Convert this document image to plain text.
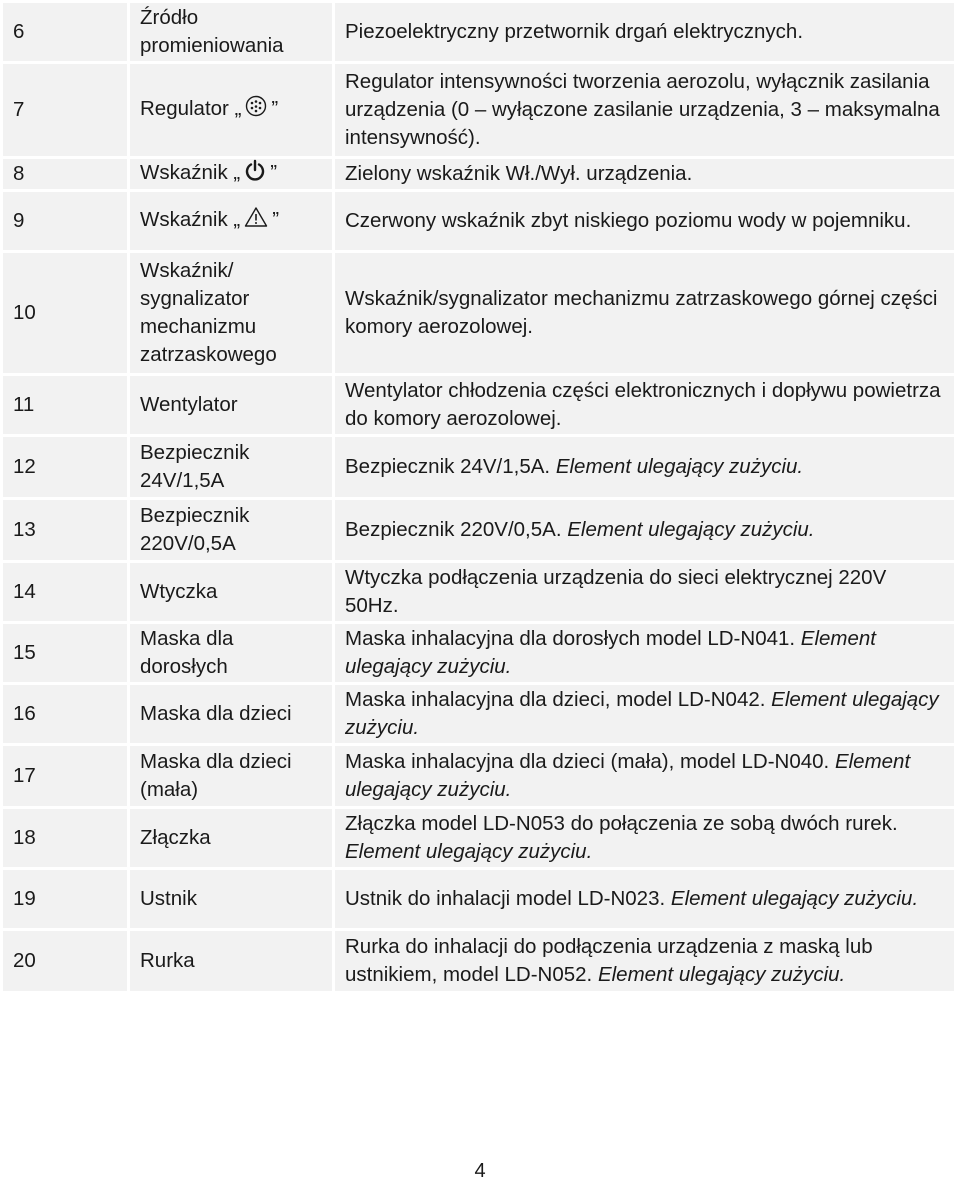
6	Źródło promieniowania	Piezoelektryczny przetwornik drgań elektrycznych.
7	Regulator „ ”	Regulator intensywności tworzenia aerozolu, wyłącznik zasilania urządzenia (0 – wyłączone zasilanie urządzenia, 3 – maksymalna intensywność).
8	Wskaźnik „ ”	Zielony wskaźnik Wł./Wył. urządzenia.
9	Wskaźnik „ ”	Czerwony wskaźnik zbyt niskiego poziomu wody w pojemniku.
10	Wskaźnik/ sygnalizator mechanizmu zatrzaskowego	Wskaźnik/sygnalizator mechanizmu zatrzaskowego górnej części komory aerozolowej.
11	Wentylator	Wentylator chłodzenia części elektronicznych i dopływu powietrza do komory aerozolowej.
12	Bezpiecznik 24V/1,5A	Bezpiecznik 24V/1,5A. Element ulegający zużyciu.
13	Bezpiecznik 220V/0,5A	Bezpiecznik 220V/0,5A. Element ulegający zużyciu.
14	Wtyczka	Wtyczka podłączenia urządzenia do sieci elektrycznej 220V 50Hz.
15	Maska dla dorosłych	Maska inhalacyjna dla dorosłych model LD-N041. Element ulegający zużyciu.
16	Maska dla dzieci	Maska inhalacyjna dla dzieci, model LD-N042. Element ulegający zużyciu.
17	Maska dla dzieci (mała)	Maska inhalacyjna dla dzieci (mała), model LD-N040. Element ulegający zużyciu.
18	Złączka	Złączka model LD-N053 do połączenia ze sobą dwóch rurek. Element ulegający zużyciu.
19	Ustnik	Ustnik do inhalacji model LD-N023. Element ulegający zużyciu.
20	Rurka	Rurka do inhalacji do podłączenia urządzenia z maską lub ustnikiem, model LD-N052. Element ulegający zużyciu.
4
